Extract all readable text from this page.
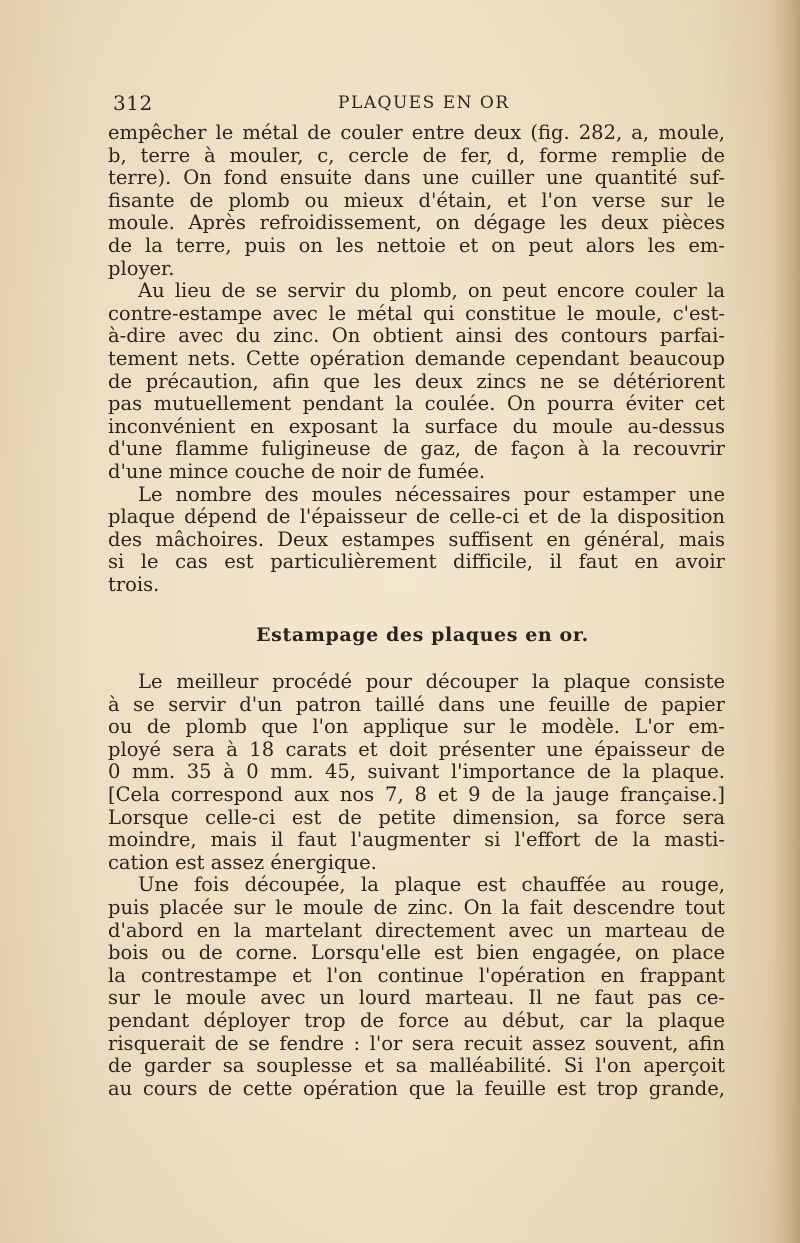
312	PLAQUES EN OR
empêcher le métal de couler entre deux (fig. 282, a, moule,
b, terre à mouler, c, cercle de fer, d, forme remplie de
terre). On fond ensuite dans une cuiller une quantité suf-
fisante de plomb ou mieux d'étain, et l'on verse sur le
moule. Après refroidissement, on dégage les deux pièces
de la terre, puis on les nettoie et on peut alors les em-
ployer.
Au lieu de se servir du plomb, on peut encore couler la
contre-estampe avec le métal qui constitue le moule, c'est-
à-dire avec du zinc. On obtient ainsi des contours parfai-
tement nets. Cette opération demande cependant beaucoup
de précaution, afin que les deux zincs ne se détériorent
pas mutuellement pendant la coulée. On pourra éviter cet
inconvénient en exposant la surface du moule au-dessus
d'une flamme fuligineuse de gaz, de façon à la recouvrir
d'une mince couche de noir de fumée.
Le nombre des moules nécessaires pour estamper une
plaque dépend de l'épaisseur de celle-ci et de la disposition
des mâchoires. Deux estampes suffisent en général, mais
si le cas est particulièrement difficile, il faut en avoir
trois.
Estampage des plaques en or.
Le meilleur procédé pour découper la plaque consiste
à se servir d'un patron taillé dans une feuille de papier
ou de plomb que l'on applique sur le modèle. L'or em-
ployé sera à 18 carats et doit présenter une épaisseur de
0 mm. 35 à 0 mm. 45, suivant l'importance de la plaque.
[Cela correspond aux nos 7, 8 et 9 de la jauge française.]
Lorsque celle-ci est de petite dimension, sa force sera
moindre, mais il faut l'augmenter si l'effort de la masti-
cation est assez énergique.
Une fois découpée, la plaque est chauffée au rouge,
puis placée sur le moule de zinc. On la fait descendre tout
d'abord en la martelant directement avec un marteau de
bois ou de corne. Lorsqu'elle est bien engagée, on place
la contrestampe et l'on continue l'opération en frappant
sur le moule avec un lourd marteau. Il ne faut pas ce-
pendant déployer trop de force au début, car la plaque
risquerait de se fendre : l'or sera recuit assez souvent, afin
de garder sa souplesse et sa malléabilité. Si l'on aperçoit
au cours de cette opération que la feuille est trop grande,
